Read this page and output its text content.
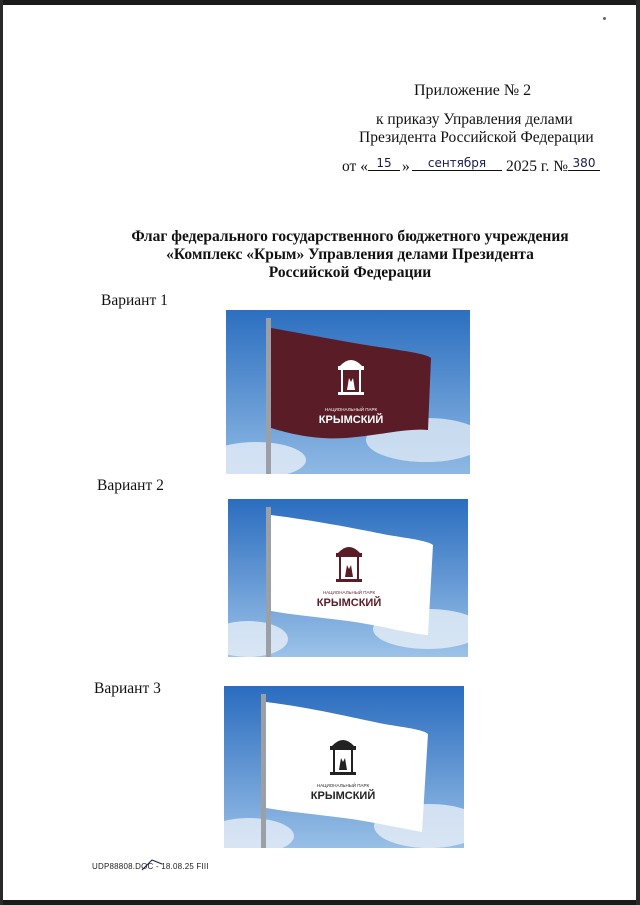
Приложение № 2
к приказу Управления делами
Президента Российской Федерации
от « 15 »	сентября	2025 г. № 380
Флаг федерального государственного бюджетного учреждения
«Комплекс «Крым» Управления делами Президента
Российской Федерации
Вариант 1
НАЦИОНАЛЬНЫЙ ПАРК
КРЫМСКИЙ
Вариант 2
НАЦИОНАЛЬНЫЙ ПАРК
КРЫМСКИЙ
Вариант 3
НАЦИОНАЛЬНЫЙ ПАРК
КРЫМСКИЙ
UDP88808.DOC - 18.08.25 FIII
